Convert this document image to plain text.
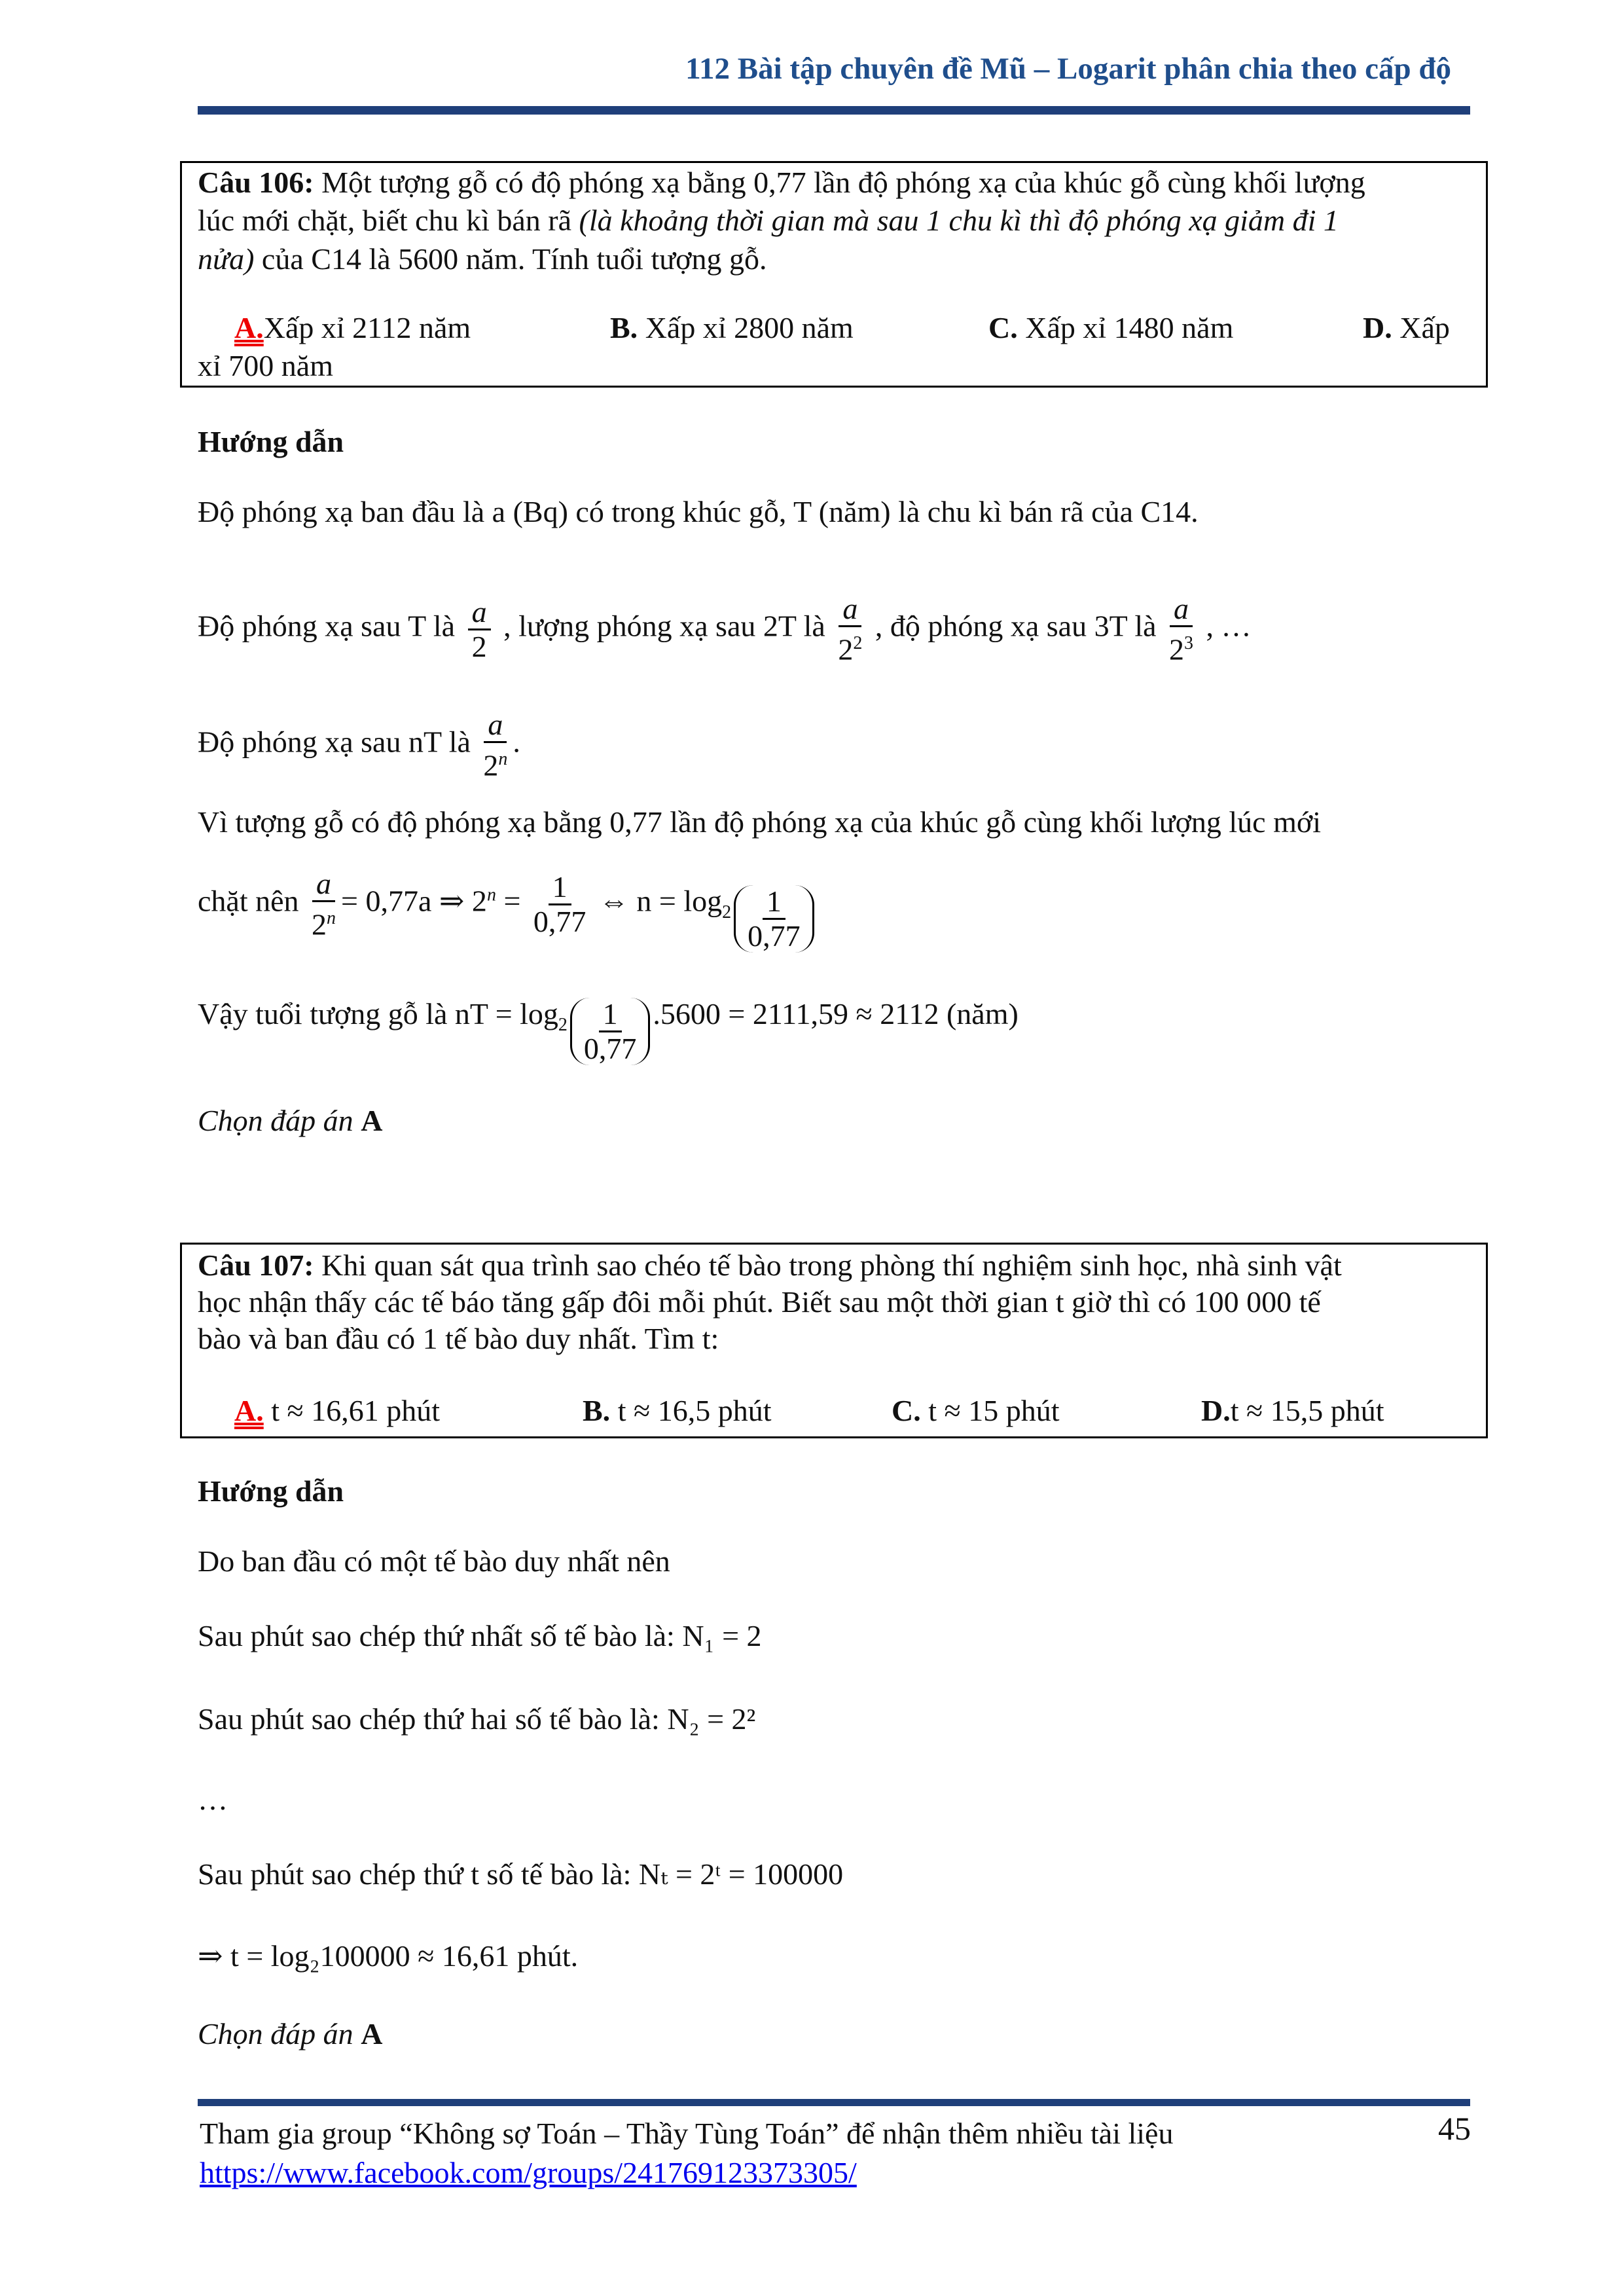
112 Bài tập chuyên đề Mũ – Logarit phân chia theo cấp độ
Câu 106: Một tượng gỗ có độ phóng xạ bằng 0,77 lần độ phóng xạ của khúc gỗ cùng khối lượng
lúc mới chặt, biết chu kì bán rã (là khoảng thời gian mà sau 1 chu kì thì độ phóng xạ giảm đi 1
nửa) của C14 là 5600 năm. Tính tuổi tượng gỗ.
A.Xấp xỉ 2112 năm	B. Xấp xỉ 2800 năm	C. Xấp xỉ 1480 năm	D. Xấp
xỉ 700 năm
Hướng dẫn
Độ phóng xạ ban đầu là a (Bq) có trong khúc gỗ, T (năm) là chu kì bán rã của C14.
Độ phóng xạ sau T là $\frac{a}{2}$ , lượng phóng xạ sau 2T là $\frac{a}{2^2}$ , độ phóng xạ sau 3T là $\frac{a}{2^3}$ , …
Độ phóng xạ sau nT là $\frac{a}{2^n}$ .
Vì tượng gỗ có độ phóng xạ bằng 0,77 lần độ phóng xạ của khúc gỗ cùng khối lượng lúc mới
chặt nên $\frac{a}{2^n} = 0,77a$ ⇒ $2^n = \frac{1}{0,77}$ ⇔ $n = \log_2 \frac{1}{0,77}$
Vậy tuổi tượng gỗ là nT = $\log_2 \frac{1}{0,77} .5600 = 2111,59 \approx 2112$ (năm)
Chọn đáp án A
Câu 107: Khi quan sát qua trình sao chéo tế bào trong phòng thí nghiệm sinh học, nhà sinh vật
học nhận thấy các tế báo tăng gấp đôi mỗi phút. Biết sau một thời gian t giờ thì có 100 000 tế
bào và ban đầu có 1 tế bào duy nhất. Tìm t:
A. t ≈ 16,61 phút	B. t ≈ 16,5 phút	C. t ≈ 15 phút	D.t ≈ 15,5 phút
Hướng dẫn
Do ban đầu có một tế bào duy nhất nên
Sau phút sao chép thứ nhất số tế bào là: N₁ = 2
Sau phút sao chép thứ hai số tế bào là: N₂ = 2²
…
Sau phút sao chép thứ t số tế bào là: Nₜ = 2ᵗ = 100000
⇒ t = log₂100000 ≈ 16,61 phút.
Chọn đáp án A
Tham gia group “Không sợ Toán – Thầy Tùng Toán” để nhận thêm nhiều tài liệu
https://www.facebook.com/groups/241769123373305/
45
